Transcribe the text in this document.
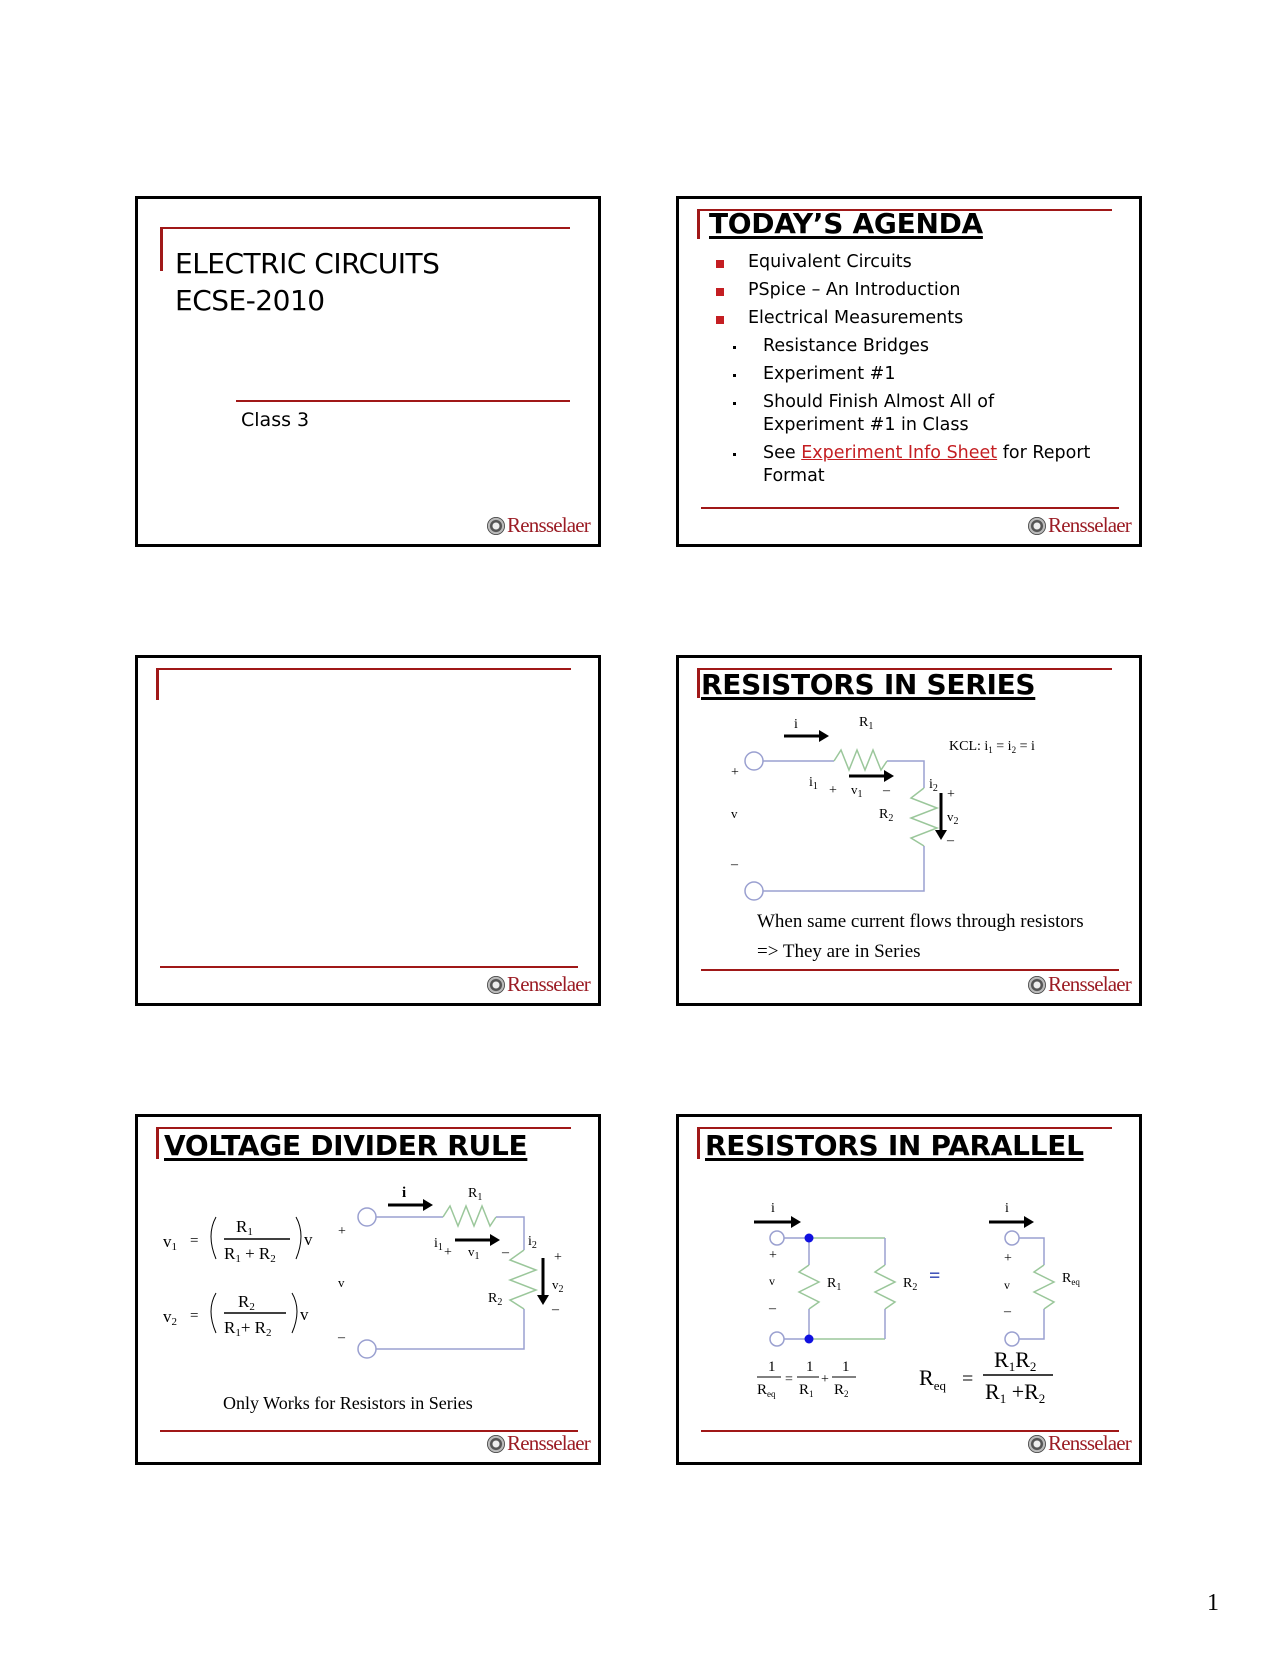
ELECTRIC CIRCUITS
ECSE-2010
Class 3
Rensselaer
TODAY’S AGENDA
Equivalent Circuits
PSpice – An Introduction
Electrical Measurements
Resistance Bridges
Experiment #1
Should Finish Almost All of Experiment #1 in Class
See Experiment Info Sheet for Report Format
Rensselaer
Rensselaer
RESISTORS IN SERIES
i	$R_1$
KCL: $i_1 = i_2 = i$
+
v
–
$i_1 + v_1$ –	$i_2$ +
$R_2$	$v_2$
–
When same current flows through resistors
=> They are in Series
Rensselaer
VOLTAGE DIVIDER RULE
v1 =
R1
R1 + R2
v
v2 =
R2
R1+ R2
v
i	$R_1$
+
v
–
$i_1 + v_1$ –
$i_2$
+
$v_2$
–
$R_2$
Only Works for Resistors in Series
Rensselaer
RESISTORS IN PARALLEL
i
+
v
–
$R_1$	$R_2$
=
i
+
v
–
$R_{eq}$
1
$R_{eq}$
=
1
$R_1$
+
1
$R_2$
$R_{eq}$ =
R1R2
R1 +R2
Rensselaer
1
